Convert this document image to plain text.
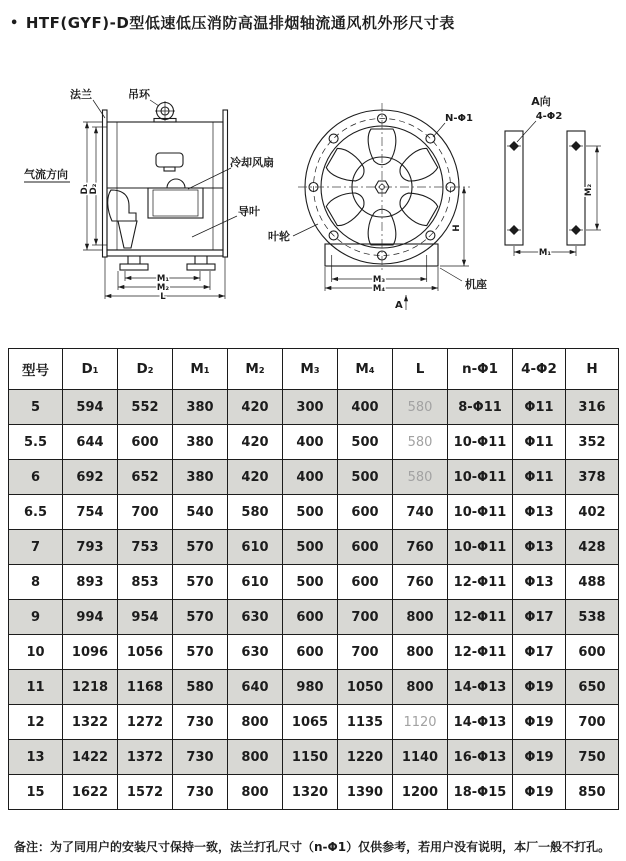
• HTF(GYF)-D型低速低压消防高温排烟轴流通风机外形尺寸表
法兰	吊环
气流方向
冷却风扇
导叶
D₁ D₂
M₁
M₂
L
N-Φ1
叶轮
机座
H
M₃
M₄
A
A向
4-Φ2
M₂
M₁
型号	D₁	D₂	M₁	M₂	M₃	M₄	L	n-Φ1	4-Φ2	H
5	594	552	380	420	300	400	580	8-Φ11	Φ11	316
5.5	644	600	380	420	400	500	580	10-Φ11	Φ11	352
6	692	652	380	420	400	500	580	10-Φ11	Φ11	378
6.5	754	700	540	580	500	600	740	10-Φ11	Φ13	402
7	793	753	570	610	500	600	760	10-Φ11	Φ13	428
8	893	853	570	610	500	600	760	12-Φ11	Φ13	488
9	994	954	570	630	600	700	800	12-Φ11	Φ17	538
10	1096	1056	570	630	600	700	800	12-Φ11	Φ17	600
11	1218	1168	580	640	980	1050	800	14-Φ13	Φ19	650
12	1322	1272	730	800	1065	1135	1120	14-Φ13	Φ19	700
13	1422	1372	730	800	1150	1220	1140	16-Φ13	Φ19	750
15	1622	1572	730	800	1320	1390	1200	18-Φ15	Φ19	850
备注：为了同用户的安装尺寸保持一致，法兰打孔尺寸（n-Φ1）仅供参考，若用户没有说明，本厂一般不打孔。
